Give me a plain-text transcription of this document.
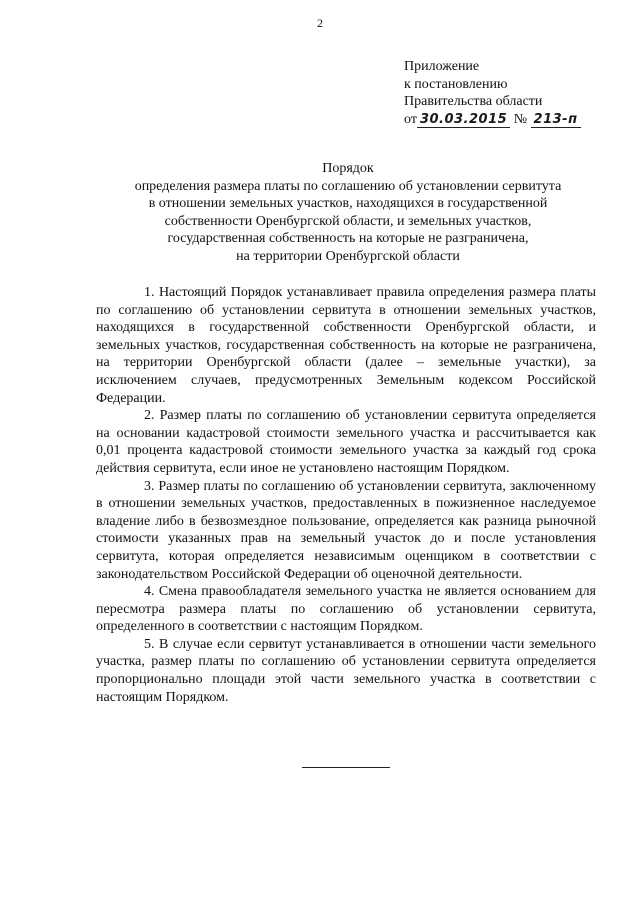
2
Приложение
к постановлению
Правительства области
от 30.03.2015 № 213-п
Порядок
определения размера платы по соглашению об установлении сервитута
в отношении земельных участков, находящихся в государственной
собственности Оренбургской области, и земельных участков,
государственная собственность на которые не разграничена,
на территории Оренбургской области

1. Настоящий Порядок устанавливает правила определения размера платы по соглашению об установлении сервитута в отношении земельных участков, находящихся в государственной собственности Оренбургской области, и земельных участков, государственная собственность на которые не разграничена, на территории Оренбургской области (далее – земельные участки), за исключением случаев, предусмотренных Земельным кодексом Российской Федерации.

2. Размер платы по соглашению об установлении сервитута определяется на основании кадастровой стоимости земельного участка и рассчитывается как 0,01 процента кадастровой стоимости земельного участка за каждый год срока действия сервитута, если иное не установлено настоящим Порядком.

3. Размер платы по соглашению об установлении сервитута, заключенному в отношении земельных участков, предоставленных в пожизненное наследуемое владение либо в безвозмездное пользование, определяется как разница рыночной стоимости указанных прав на земельный участок до и после установления сервитута, которая определяется независимым оценщиком в соответствии с законодательством Российской Федерации об оценочной деятельности.

4. Смена правообладателя земельного участка не является основанием для пересмотра размера платы по соглашению об установлении сервитута, определенного в соответствии с настоящим Порядком.

5. В случае если сервитут устанавливается в отношении части земельного участка, размер платы по соглашению об установлении сервитута определяется пропорционально площади этой части земельного участка в соответствии с настоящим Порядком.
